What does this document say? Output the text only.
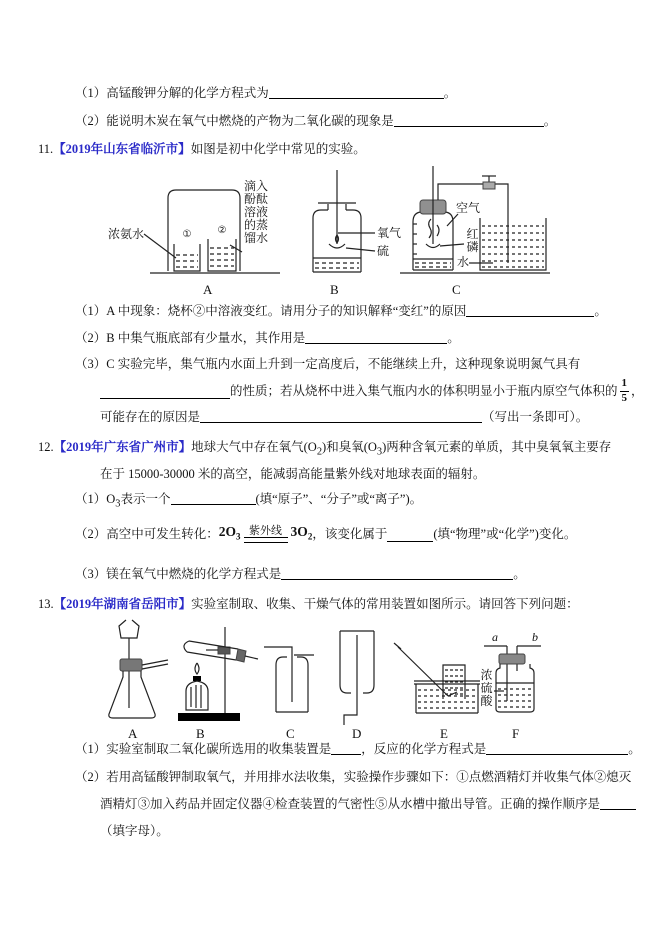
（1）高锰酸钾分解的化学方程式为	。
（2）能说明木炭在氧气中燃烧的产物为二氧化碳的现象是	。
11.【2019年山东省临沂市】如图是初中化学中常见的实验。
①	②
浓氨水
A
氧气
硫
B
空气
水
C
滴入酚酞溶液的蒸馏水	红磷
（1）A 中现象：烧杯②中溶液变红。请用分子的知识解释“变红”的原因	。
（2）B 中集气瓶底部有少量水，其作用是	。
（3）C 实验完毕，集气瓶内水面上升到一定高度后，不能继续上升，这种现象说明氮气具有
的性质；若从烧杯中进入集气瓶内水的体积明显小于瓶内原空气体积的 $\frac{1}{5}$ ，
可能存在的原因是	（写出一条即可）。
12.【2019年广东省广州市】地球大气中存在氧气$(O_2)$和臭氧$(O_3)$两种含氧元素的单质，其中臭氧氧主要存
在于 15000-30000 米的高空，能减弱高能量紫外线对地球表面的辐射。
$(1)O_3$表示一个	(填“原子”、“分子”或“离子”)。
（2） 高空中可发生转化： $2O_3$ 紫外线 $3O_2$ ，该变化属于	(填“物理”或“化学”)变化。
（3）镁在氧气中燃烧的化学方程式是	。
13.【2019年湖南省岳阳市】实验室制取、收集、干燥气体的常用装置如图所示。请回答下列问题：
A	B	C	D	E
a	b
F
浓硫酸
（1）实验室制取二氧化碳所选用的收集装置是 ，反应的化学方程式是	。
（2）若用高锰酸钾制取氧气，并用排水法收集，实验操作步骤如下：①点燃酒精灯并收集气体②熄灭
酒精灯③加入药品并固定仪器④检查装置的气密性⑤从水槽中撤出导管。正确的操作顺序是
（填字母）。
